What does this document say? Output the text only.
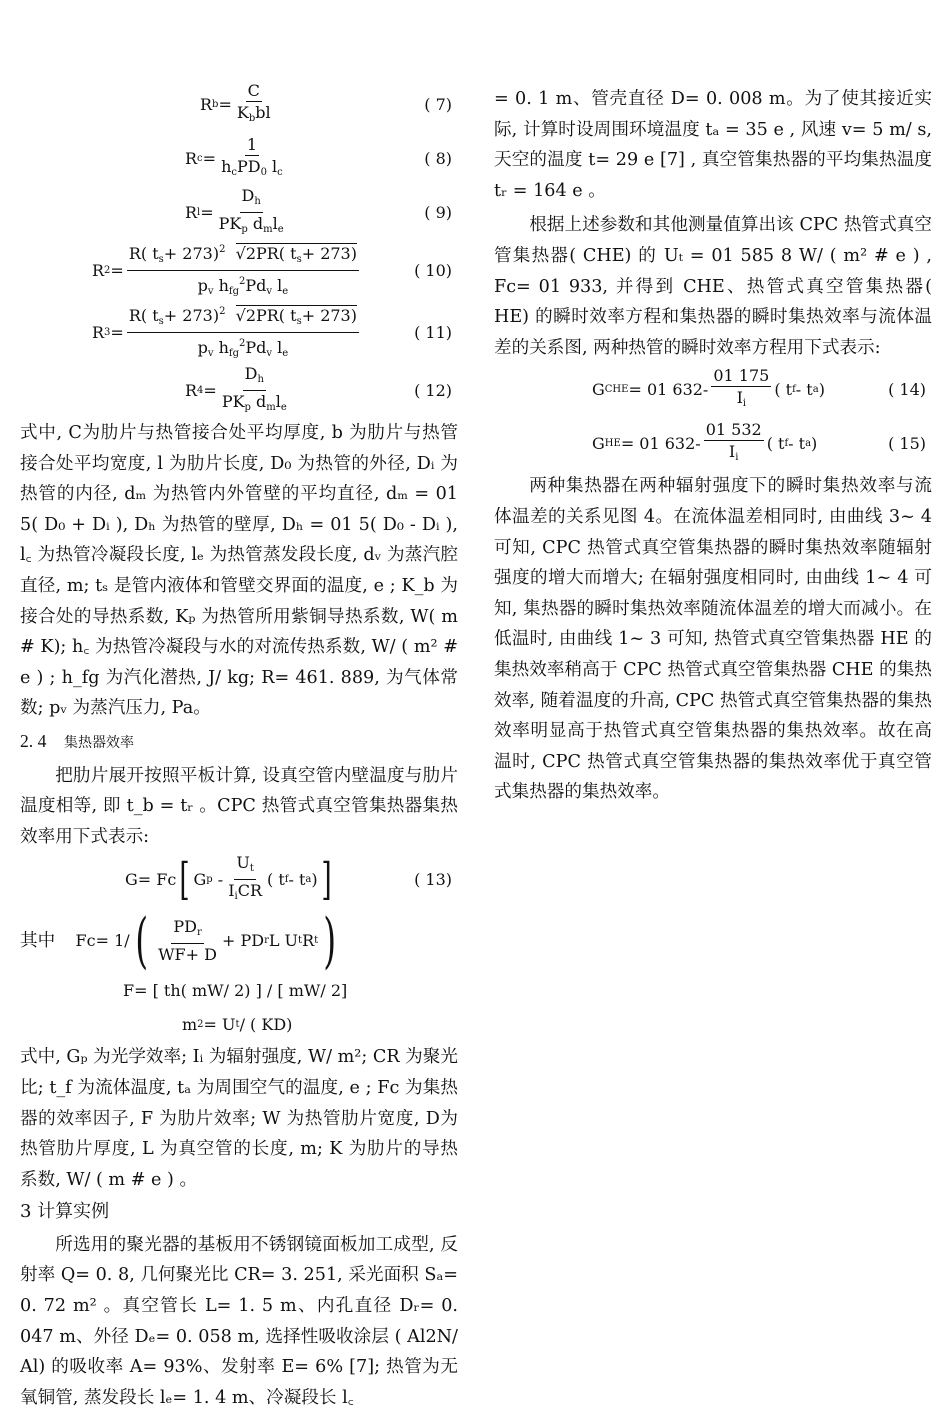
R $b = \frac{C}{K_bbl}$	( 7)
R $c = \frac{1}{h_cPD_0 l_c}$	( 8)
R $l = \frac{D_h}{PK_p d_ml_e}$	( 9)
R $2 = \frac{R( t_s+ 273)^2 √2PR( t_s+ 273)}{p_v h_{fg}^2Pd_v l_e}$	( 10)
R $3 = \frac{R( t_s+ 273)^2 √2PR( t_s+ 273)}{p_v h_{fg}^2Pd_v l_e}$	( 11)
R $4 = \frac{D_h}{PK_p d_ml_e}$	( 12)

式中, C为肋片与热管接合处平均厚度, b 为肋片与热管接合处平均宽度, l 为肋片长度, D₀ 为热管的外径, Dᵢ 为热管的内径, dₘ 为热管内外管壁的平均直径, dₘ = 01 5( D₀ + Dᵢ ), Dₕ 为热管的壁厚, Dₕ = 01 5( D₀ - Dᵢ ), l꜀ 为热管冷凝段长度, lₑ 为热管蒸发段长度, dᵥ 为蒸汽腔直径, m; tₛ 是管内液体和管壁交界面的温度, e ; K_b 为接合处的导热系数, Kₚ 为热管所用紫铜导热系数, W( m # K); h꜀ 为热管冷凝段与水的对流传热系数, W/ ( m² # e ) ; h_fg 为汽化潜热, J/ kg; R= 461. 889, 为气体常数; pᵥ 为蒸汽压力, Pa。

2. 4 集热器效率

把肋片展开按照平板计算, 设真空管内壁温度与肋片温度相等, 即 t_b = tᵣ 。CPC 热管式真空管集热器集热效率用下式表示:

G= Fc [ G p
- $\frac{U_t}{I_iCR}$ ( t f - t a ) ]	( 13)
其中
Fc= 1/ ( $\frac{PD_r}{WF+ D}$ + PD r L U t R t )
F= [ th( mW/ 2) ] / [ mW/ 2]
m 2 = U t / ( KD)

式中, Gₚ 为光学效率; Iᵢ 为辐射强度, W/ m²; CR 为聚光比; t_f 为流体温度, tₐ 为周围空气的温度, e ; Fc 为集热器的效率因子, F 为肋片效率; W 为热管肋片宽度, D为热管肋片厚度, L 为真空管的长度, m; K 为肋片的导热系数, W/ ( m # e ) 。

3 计算实例

所选用的聚光器的基板用不锈钢镜面板加工成型, 反射率 Q= 0. 8, 几何聚光比 CR= 3. 251, 采光面积 Sₐ= 0. 72 m² 。真空管长 L= 1. 5 m、内孔直径 Dᵣ= 0. 047 m、外径 Dₑ= 0. 058 m, 选择性吸收涂层 ( Al2N/ Al) 的吸收率 A= 93%、发射率 E= 6% [7]; 热管为无氧铜管, 蒸发段长 lₑ= 1. 4 m、冷凝段长 l꜀

= 0. 1 m、管壳直径 D= 0. 008 m。为了使其接近实际, 计算时设周围环境温度 tₐ = 35 e , 风速 v= 5 m/ s, 天空的温度 t= 29 e [7] , 真空管集热器的平均集热温度 tᵣ = 164 e 。

根据上述参数和其他测量值算出该 CPC 热管式真空管集热器( CHE) 的 Uₜ = 01 585 8 W/ ( m² # e ) , Fc= 01 933, 并得到 CHE、热管式真空管集热器( HE) 的瞬时效率方程和集热器的瞬时集热效率与流体温差的关系图, 两种热管的瞬时效率方程用下式表示:

G CHE = 01 $632- \frac{01 175}{I_i}$ ( t f - t a )	( 14)
G HE = 01 $632- \frac{01 532}{I_i}$ ( t f - t a )	( 15)

两种集热器在两种辐射强度下的瞬时集热效率与流体温差的关系见图 4。在流体温差相同时, 由曲线 3~ 4 可知, CPC 热管式真空管集热器的瞬时集热效率随辐射强度的增大而增大; 在辐射强度相同时, 由曲线 1~ 4 可知, 集热器的瞬时集热效率随流体温差的增大而减小。在低温时, 由曲线 1~ 3 可知, 热管式真空管集热器 HE 的集热效率稍高于 CPC 热管式真空管集热器 CHE 的集热效率, 随着温度的升高, CPC 热管式真空管集热器的集热效率明显高于热管式真空管集热器的集热效率。故在高温时, CPC 热管式真空管集热器的集热效率优于真空管式集热器的集热效率。
